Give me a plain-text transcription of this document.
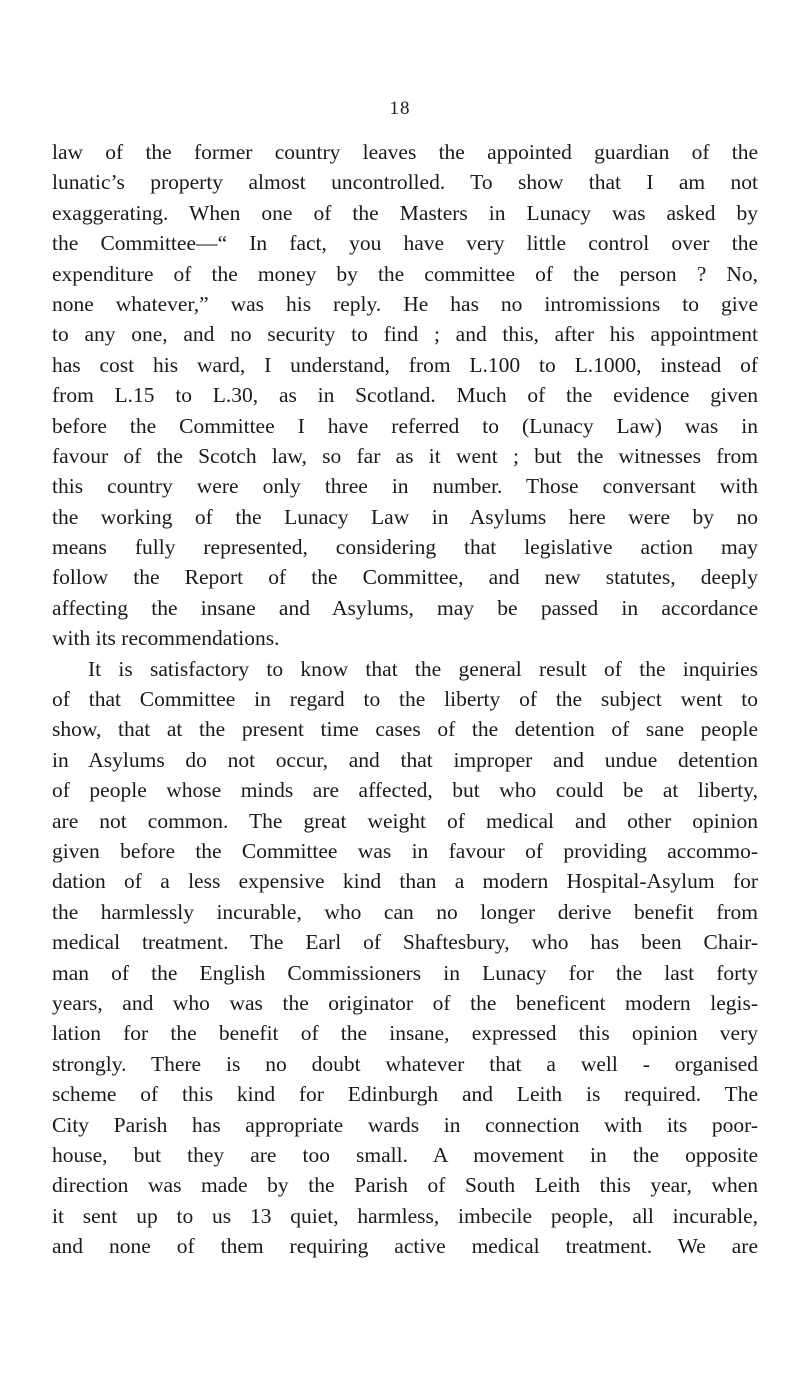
18
law of the former country leaves the appointed guardian of the
lunatic’s property almost uncontrolled. To show that I am not
exaggerating. When one of the Masters in Lunacy was asked by
the Committee—“ In fact, you have very little control over the
expenditure of the money by the committee of the person ? No,
none whatever,” was his reply. He has no intromissions to give
to any one, and no security to find ; and this, after his appointment
has cost his ward, I understand, from L.100 to L.1000, instead of
from L.15 to L.30, as in Scotland. Much of the evidence given
before the Committee I have referred to (Lunacy Law) was in
favour of the Scotch law, so far as it went ; but the witnesses from
this country were only three in number. Those conversant with
the working of the Lunacy Law in Asylums here were by no
means fully represented, considering that legislative action may
follow the Report of the Committee, and new statutes, deeply
affecting the insane and Asylums, may be passed in accordance
with its recommendations.
It is satisfactory to know that the general result of the inquiries
of that Committee in regard to the liberty of the subject went to
show, that at the present time cases of the detention of sane people
in Asylums do not occur, and that improper and undue detention
of people whose minds are affected, but who could be at liberty,
are not common. The great weight of medical and other opinion
given before the Committee was in favour of providing accommo-
dation of a less expensive kind than a modern Hospital-Asylum for
the harmlessly incurable, who can no longer derive benefit from
medical treatment. The Earl of Shaftesbury, who has been Chair-
man of the English Commissioners in Lunacy for the last forty
years, and who was the originator of the beneficent modern legis-
lation for the benefit of the insane, expressed this opinion very
strongly. There is no doubt whatever that a well - organised
scheme of this kind for Edinburgh and Leith is required. The
City Parish has appropriate wards in connection with its poor-
house, but they are too small. A movement in the opposite
direction was made by the Parish of South Leith this year, when
it sent up to us 13 quiet, harmless, imbecile people, all incurable,
and none of them requiring active medical treatment. We are
